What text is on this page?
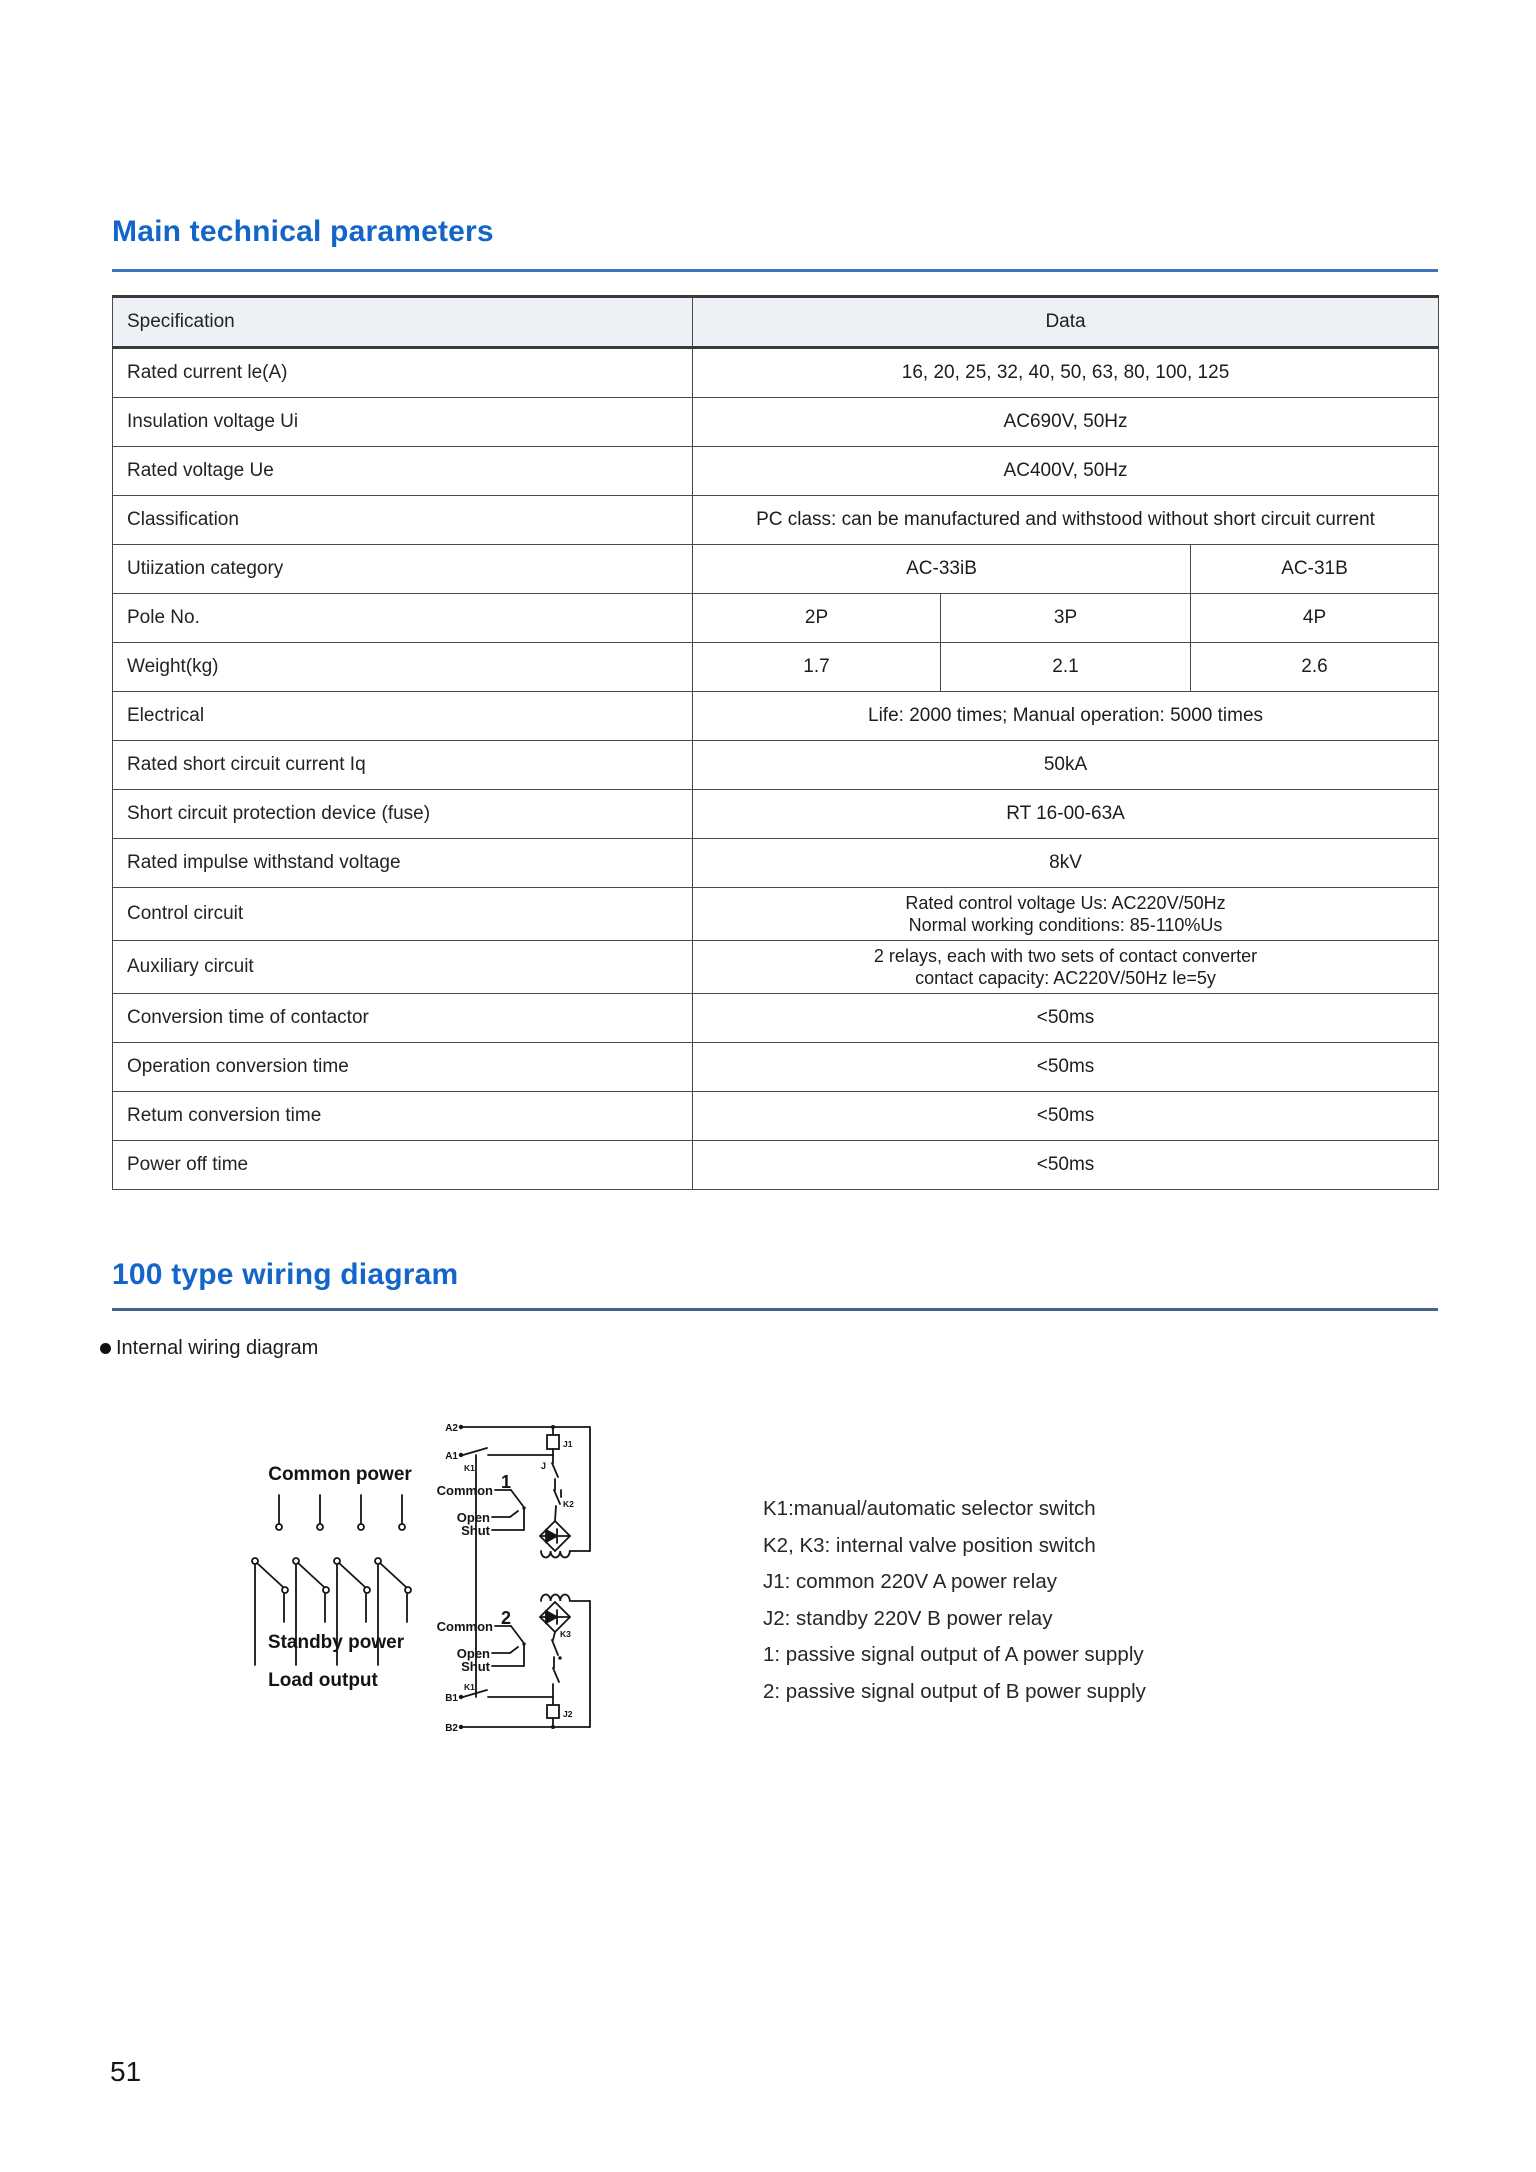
Main technical parameters
Specification	Data		
Rated current le(A)	16, 20, 25, 32, 40, 50, 63, 80, 100, 125		
Insulation voltage Ui	AC690V, 50Hz		
Rated voltage Ue	AC400V, 50Hz		
Classification	PC class: can be manufactured and withstood without short circuit current		
Utiization category	AC-33iB		AC-31B
Pole No.	2P	3P	4P
Weight(kg)	1.7	2.1	2.6
Electrical	Life: 2000 times; Manual operation: 5000 times		
Rated short circuit current Iq	50kA		
Short circuit protection device (fuse)	RT 16-00-63A		
Rated impulse withstand voltage	8kV		
Control circuit	Rated control voltage Us: AC220V/50Hz
Normal working conditions: 85-110%Us		

Auxiliary circuit	2 relays, each with two sets of contact converter
contact capacity: AC220V/50Hz le=5y		

Conversion time of contactor	<50ms		
Operation conversion time	<50ms		
Retum conversion time	<50ms		
Power off time	<50ms		
100 type wiring diagram
Internal wiring diagram
Common power
Standby power
Load output
A2
A1
K1	J
J1
K2
K3
K1
J2
B1
B2
Common
Open
Shut
1
Common
Open
Shut
2
K1:manual/automatic selector switch
K2, K3: internal valve position switch
J1: common 220V A power relay
J2: standby 220V B power relay
1: passive signal output of A power supply
2: passive signal output of B power supply
51
